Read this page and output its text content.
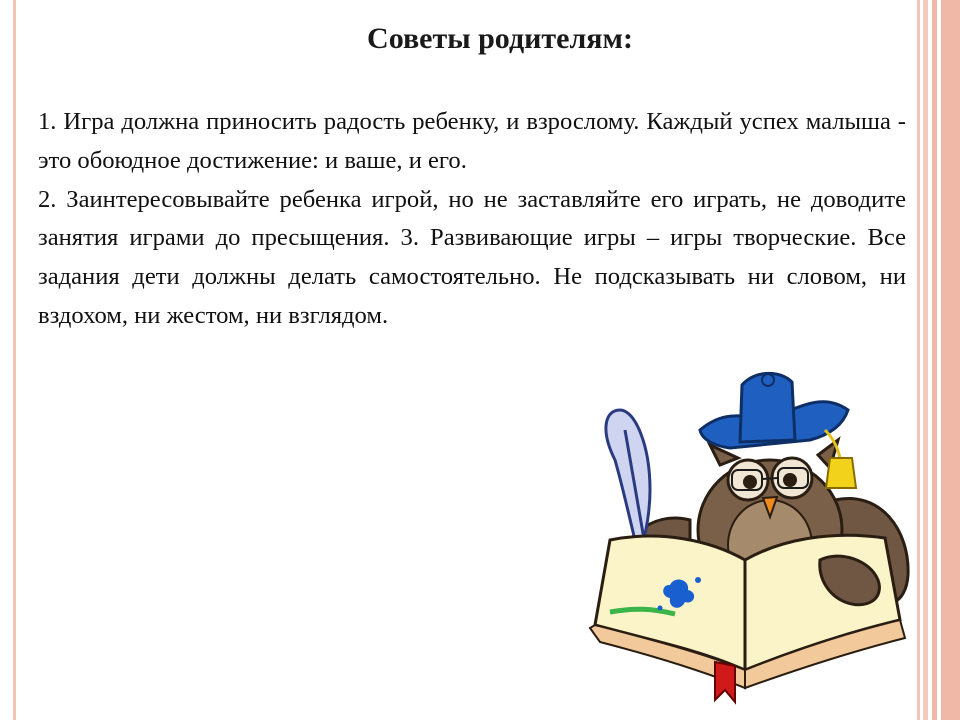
Советы родителям:

1. Игра должна приносить радость ребенку, и взрослому. Каждый успех малыша - это обоюдное достижение: и ваше, и его.

2. Заинтересовывайте ребенка игрой, но не заставляйте его играть, не доводите занятия играми до пресыщения. 3. Развивающие игры – игры творческие. Все задания дети должны делать самостоятельно. Не подсказывать ни словом, ни вздохом, ни жестом, ни взглядом.
